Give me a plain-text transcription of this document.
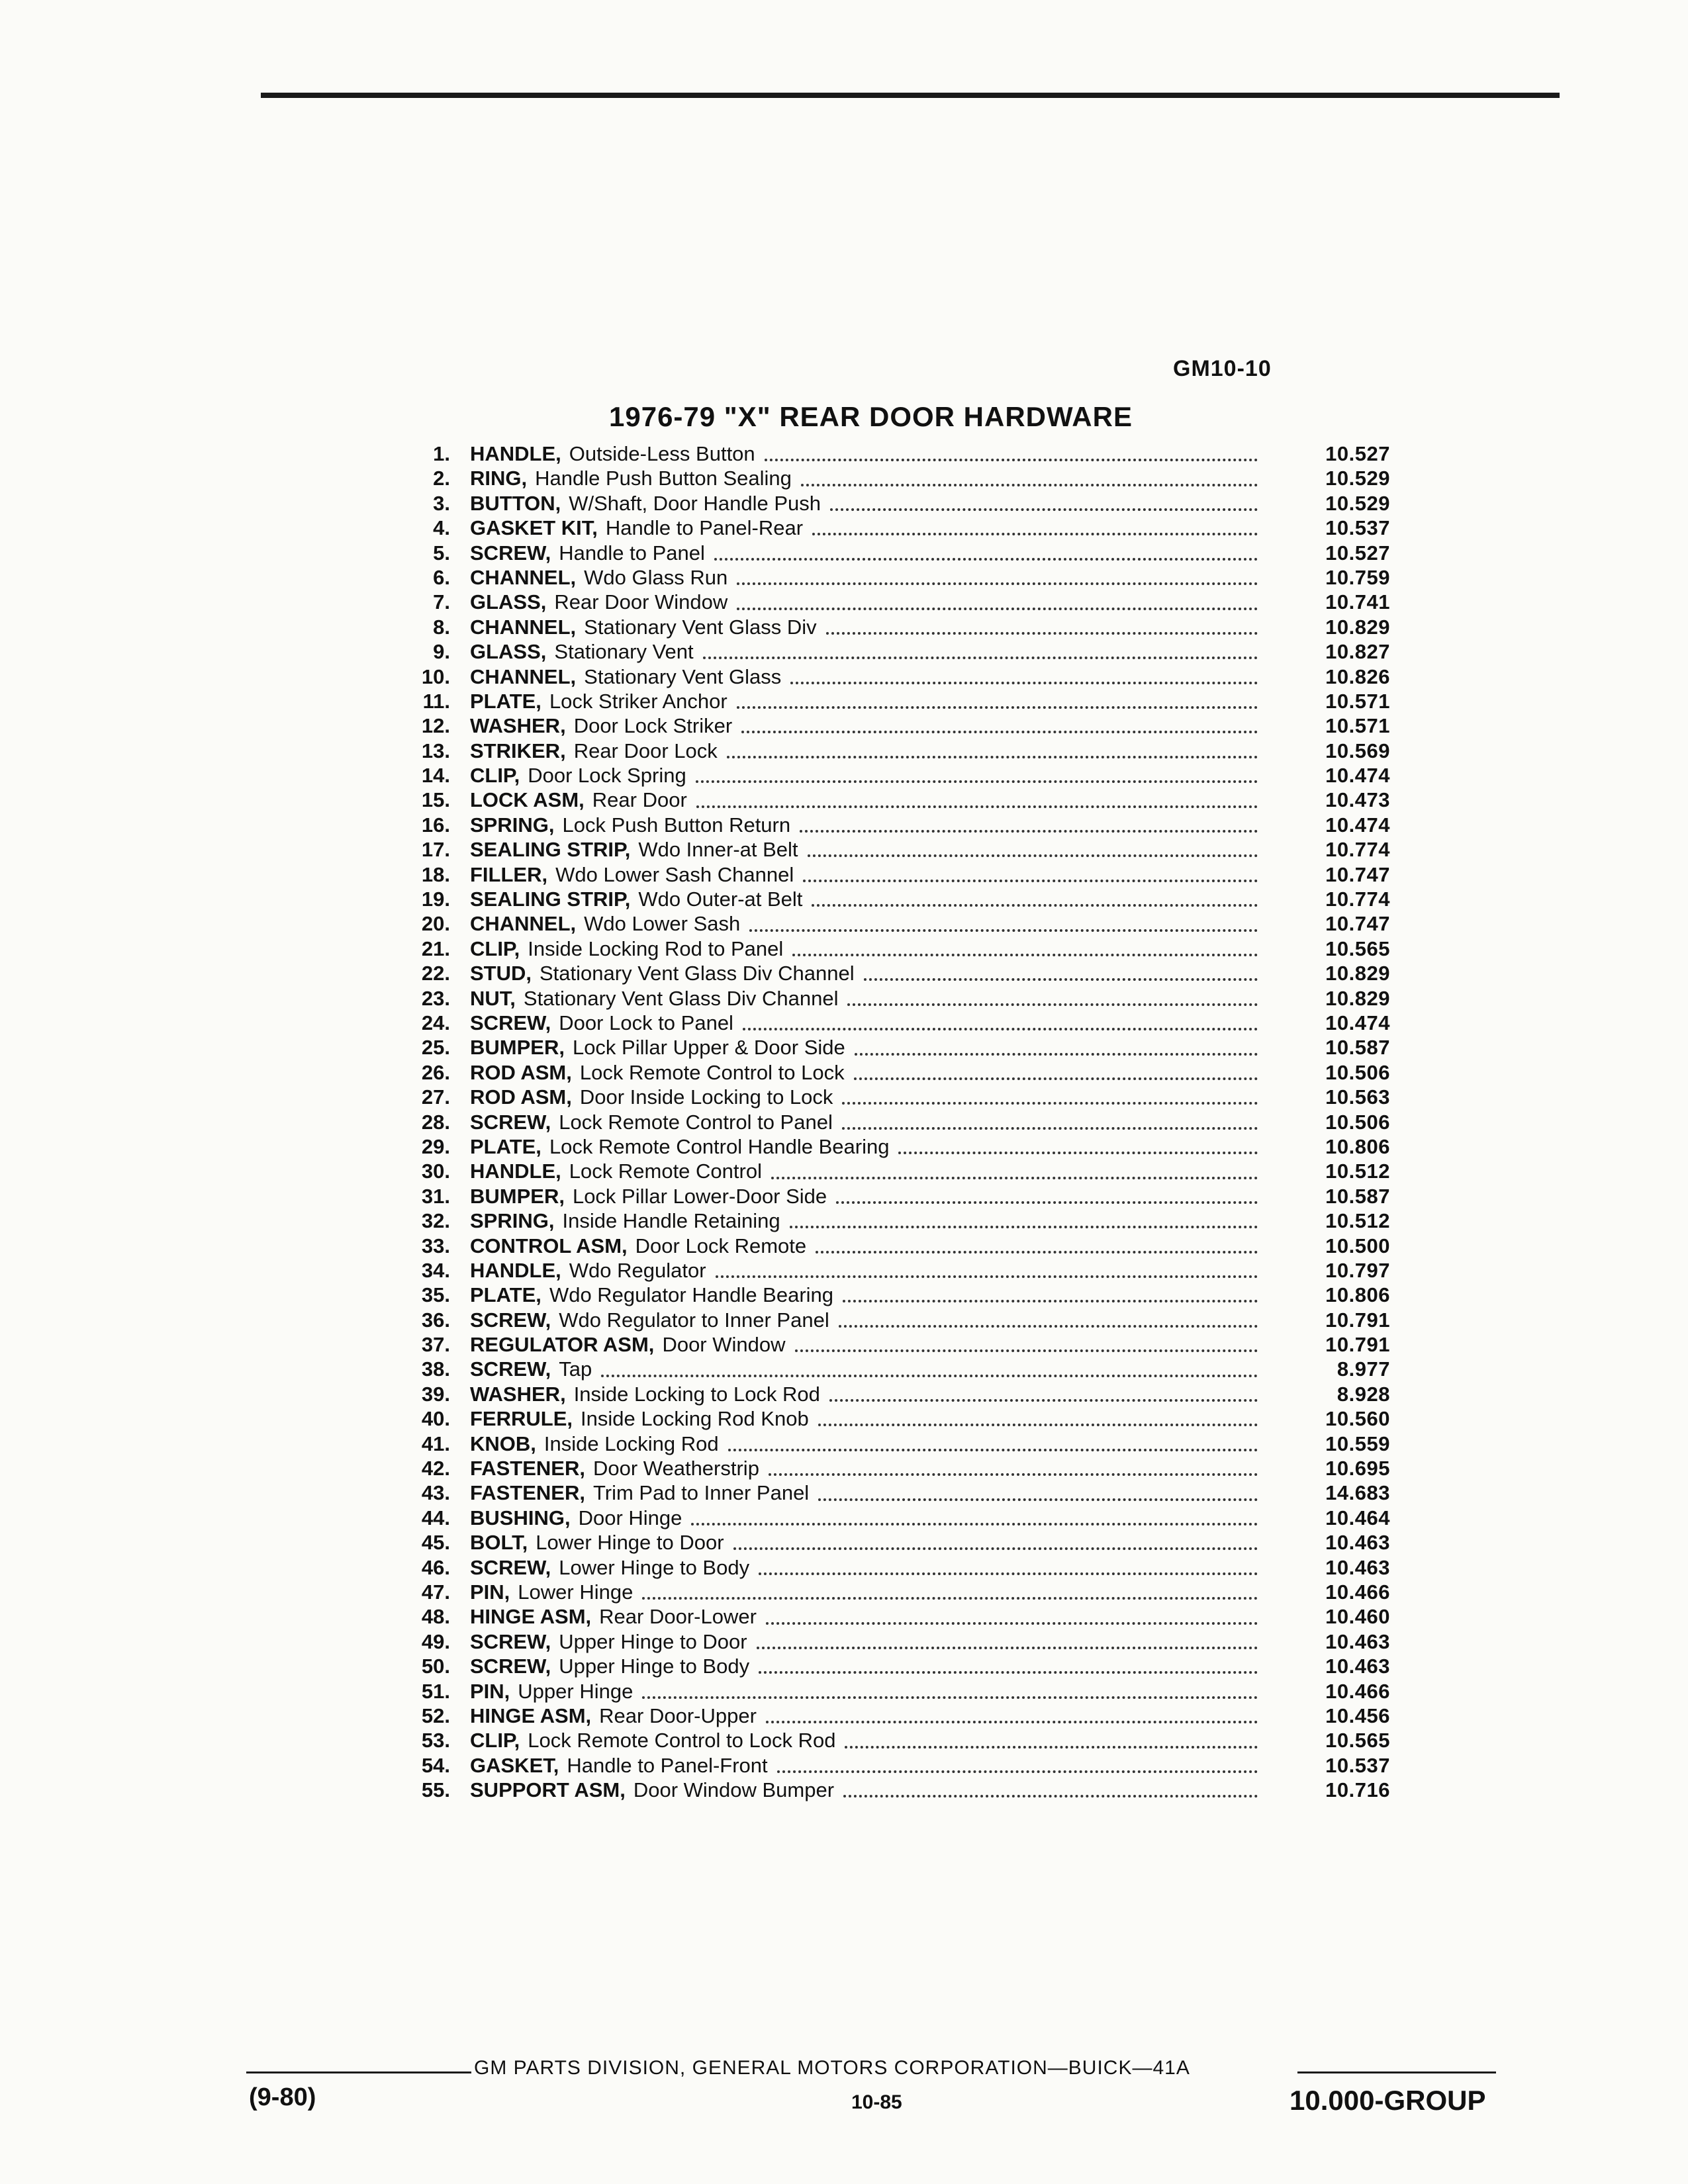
GM10-10
1976-79 "X" REAR DOOR HARDWARE
1. HANDLE, Outside-Less Button	10.527
2. RING, Handle Push Button Sealing	10.529
3. BUTTON, W/Shaft, Door Handle Push	10.529
4. GASKET KIT, Handle to Panel-Rear	10.537
5. SCREW, Handle to Panel	10.527
6. CHANNEL, Wdo Glass Run	10.759
7. GLASS, Rear Door Window	10.741
8. CHANNEL, Stationary Vent Glass Div	10.829
9. GLASS, Stationary Vent	10.827
10. CHANNEL, Stationary Vent Glass	10.826
11. PLATE, Lock Striker Anchor	10.571
12. WASHER, Door Lock Striker	10.571
13. STRIKER, Rear Door Lock	10.569
14. CLIP, Door Lock Spring	10.474
15. LOCK ASM, Rear Door	10.473
16. SPRING, Lock Push Button Return	10.474
17. SEALING STRIP, Wdo Inner-at Belt	10.774
18. FILLER, Wdo Lower Sash Channel	10.747
19. SEALING STRIP, Wdo Outer-at Belt	10.774
20. CHANNEL, Wdo Lower Sash	10.747
21. CLIP, Inside Locking Rod to Panel	10.565
22. STUD, Stationary Vent Glass Div Channel	10.829
23. NUT, Stationary Vent Glass Div Channel	10.829
24. SCREW, Door Lock to Panel	10.474
25. BUMPER, Lock Pillar Upper & Door Side	10.587
26. ROD ASM, Lock Remote Control to Lock	10.506
27. ROD ASM, Door Inside Locking to Lock	10.563
28. SCREW, Lock Remote Control to Panel	10.506
29. PLATE, Lock Remote Control Handle Bearing	10.806
30. HANDLE, Lock Remote Control	10.512
31. BUMPER, Lock Pillar Lower-Door Side	10.587
32. SPRING, Inside Handle Retaining	10.512
33. CONTROL ASM, Door Lock Remote	10.500
34. HANDLE, Wdo Regulator	10.797
35. PLATE, Wdo Regulator Handle Bearing	10.806
36. SCREW, Wdo Regulator to Inner Panel	10.791
37. REGULATOR ASM, Door Window	10.791
38. SCREW, Tap	8.977
39. WASHER, Inside Locking to Lock Rod	8.928
40. FERRULE, Inside Locking Rod Knob	10.560
41. KNOB, Inside Locking Rod	10.559
42. FASTENER, Door Weatherstrip	10.695
43. FASTENER, Trim Pad to Inner Panel	14.683
44. BUSHING, Door Hinge	10.464
45. BOLT, Lower Hinge to Door	10.463
46. SCREW, Lower Hinge to Body	10.463
47. PIN, Lower Hinge	10.466
48. HINGE ASM, Rear Door-Lower	10.460
49. SCREW, Upper Hinge to Door	10.463
50. SCREW, Upper Hinge to Body	10.463
51. PIN, Upper Hinge	10.466
52. HINGE ASM, Rear Door-Upper	10.456
53. CLIP, Lock Remote Control to Lock Rod	10.565
54. GASKET, Handle to Panel-Front	10.537
55. SUPPORT ASM, Door Window Bumper	10.716
GM PARTS DIVISION, GENERAL MOTORS CORPORATION—BUICK—41A
(9-80)	10-85	10.000-GROUP
